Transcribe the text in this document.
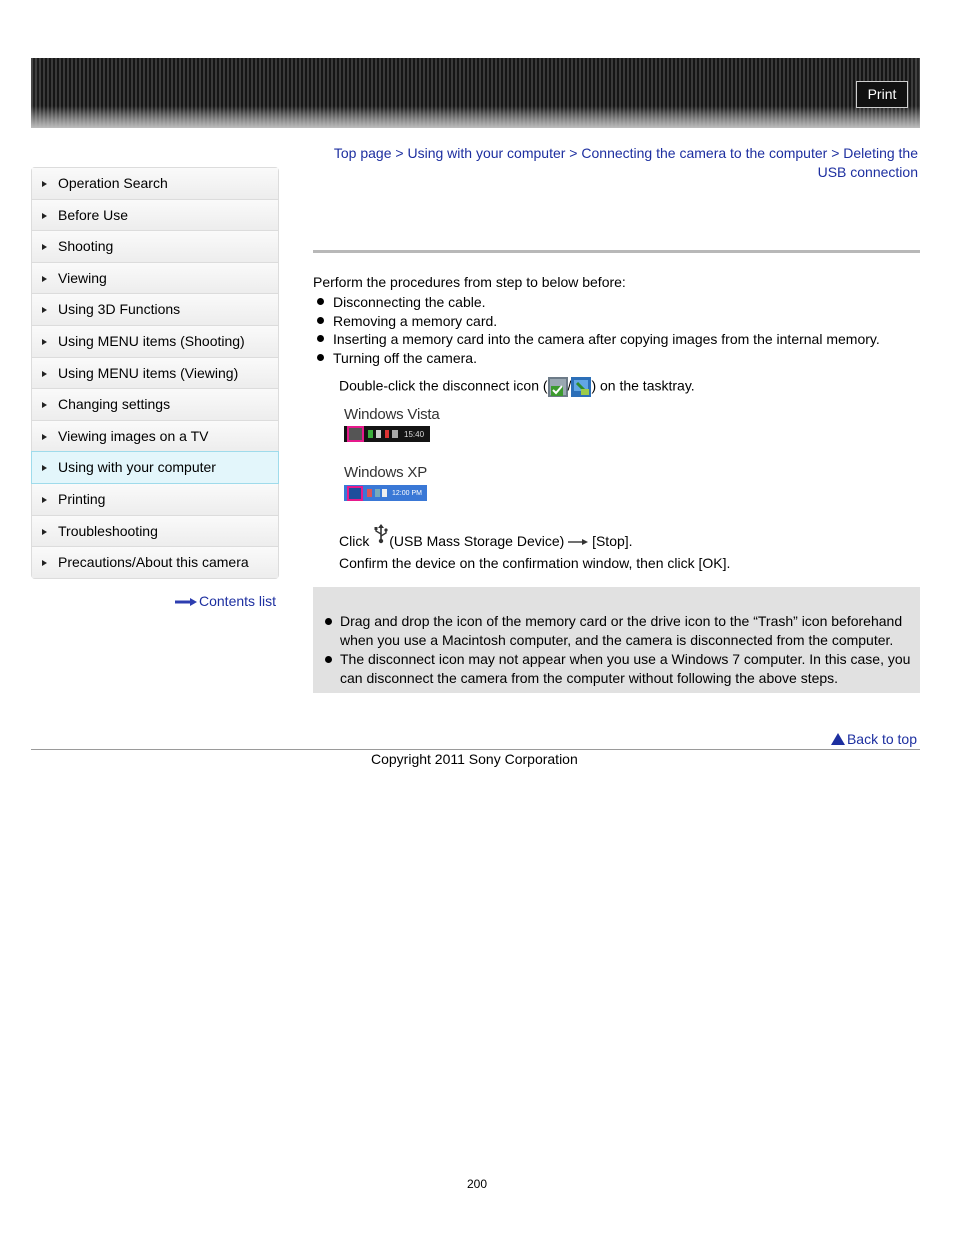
Print
Top page > Using with your computer > Connecting the camera to the computer > Deleting the USB connection
Operation Search
Before Use
Shooting
Viewing
Using 3D Functions
Using MENU items (Shooting)
Using MENU items (Viewing)
Changing settings
Viewing images on a TV
Using with your computer
Printing
Troubleshooting
Precautions/About this camera
Contents list
Perform the procedures from step to below before:
Disconnecting the cable.
Removing a memory card.
Inserting a memory card into the camera after copying images from the internal memory.
Turning off the camera.
Double-click the disconnect icon ( / ) on the tasktray.
Windows Vista
15:40
Windows XP
12:00 PM
Click (USB Mass Storage Device)  [Stop].
Confirm the device on the confirmation window, then click [OK].
Drag and drop the icon of the memory card or the drive icon to the “Trash” icon beforehand when you use a Macintosh computer, and the camera is disconnected from the computer.
The disconnect icon may not appear when you use a Windows 7 computer. In this case, you can disconnect the camera from the computer without following the above steps.
Back to top
Copyright 2011 Sony Corporation
200
